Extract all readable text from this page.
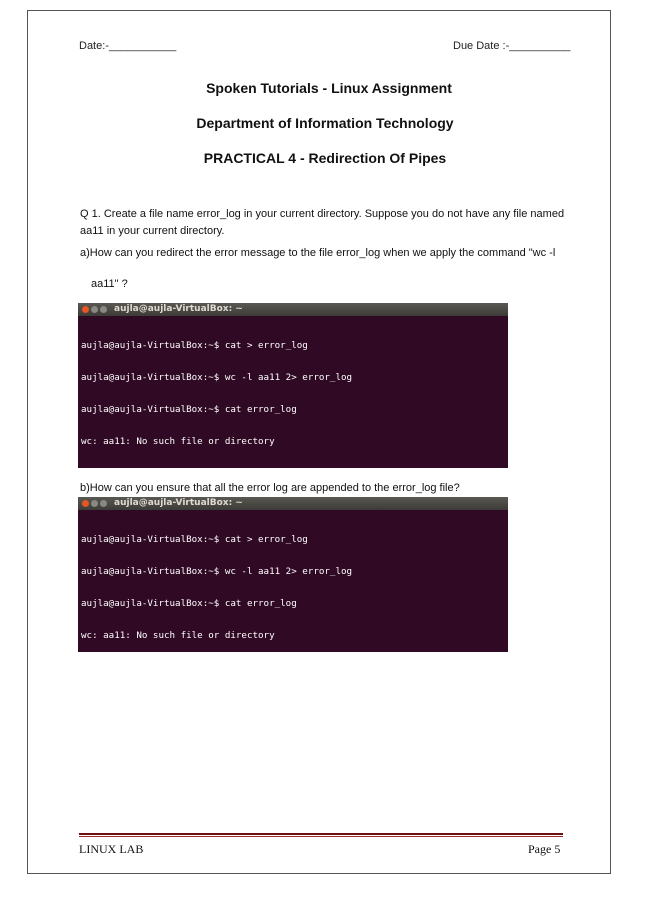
Date:-___________	Due Date :-__________
Spoken Tutorials - Linux Assignment
Department of Information Technology
PRACTICAL 4 - Redirection Of Pipes
Q 1. Create a file name error_log in your current directory. Suppose you do not have any file named
aa11 in your current directory.
a)How can you redirect the error message to the file error_log when we apply the command "wc -l
aa11" ?
aujla@aujla-VirtualBox: ~

aujla@aujla-VirtualBox:~$ cat > error_log

aujla@aujla-VirtualBox:~$ wc -l aa11 2> error_log

aujla@aujla-VirtualBox:~$ cat error_log

wc: aa11: No such file or directory

aujla@aujla-VirtualBox:~$

b)How can you ensure that all the error log are appended to the error_log file?
aujla@aujla-VirtualBox: ~

aujla@aujla-VirtualBox:~$ cat > error_log

aujla@aujla-VirtualBox:~$ wc -l aa11 2> error_log

aujla@aujla-VirtualBox:~$ cat error_log

wc: aa11: No such file or directory

aujla@aujla-VirtualBox:~$ wc aaaaaaa111 2>> error_log

aujla@aujla-VirtualBox:~$ cat error_log

wc: aa11: No such file or directory

wc: aaaaaaa111: No such file or directory

aujla@aujla-VirtualBox:~$

LINUX LAB	Page 5
